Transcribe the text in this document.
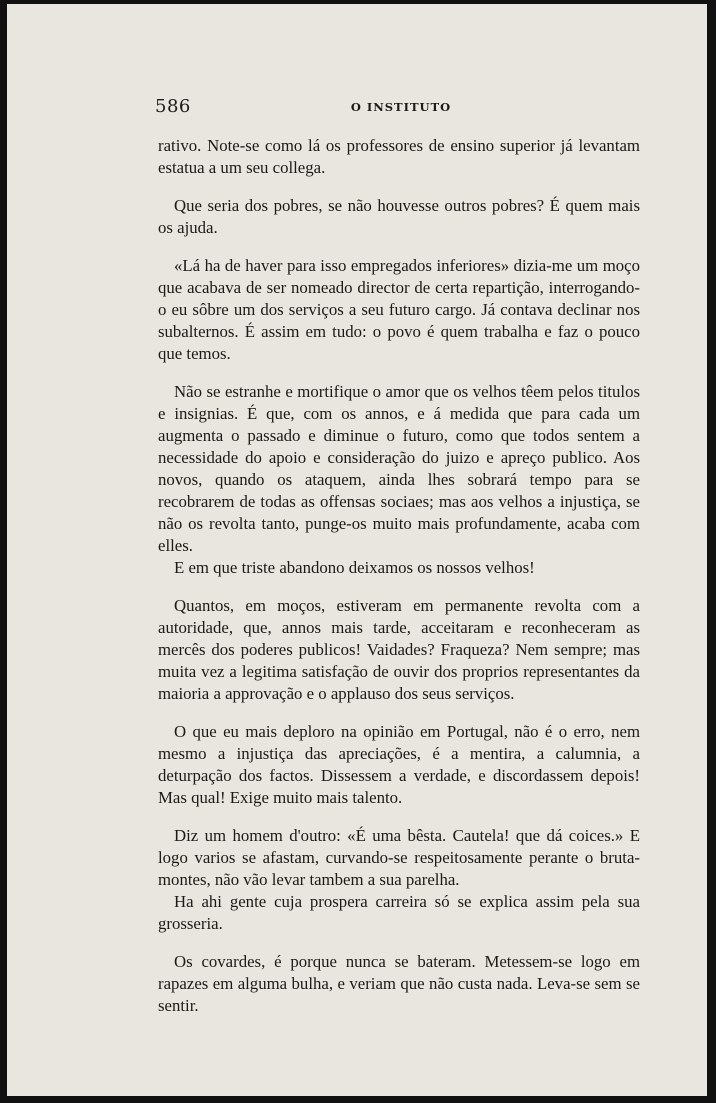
586	O INSTITUTO

rativo. Note-se como lá os professores de ensino superior já levantam estatua a um seu collega.

Que seria dos pobres, se não houvesse outros pobres? É quem mais os ajuda.

«Lá ha de haver para isso empregados inferiores» dizia-me um moço que acabava de ser nomeado director de certa repartição, interrogando-o eu sôbre um dos serviços a seu futuro cargo. Já contava declinar nos subalternos. É assim em tudo: o povo é quem trabalha e faz o pouco que temos.

Não se estranhe e mortifique o amor que os velhos têem pelos titulos e insignias. É que, com os annos, e á medida que para cada um augmenta o passado e diminue o futuro, como que todos sentem a necessidade do apoio e consideração do juizo e apreço publico. Aos novos, quando os ataquem, ainda lhes sobrará tempo para se recobrarem de todas as offensas sociaes; mas aos velhos a injustiça, se não os revolta tanto, punge-os muito mais profundamente, acaba com elles.

E em que triste abandono deixamos os nossos velhos!

Quantos, em moços, estiveram em permanente revolta com a autoridade, que, annos mais tarde, acceitaram e reconheceram as mercês dos poderes publicos! Vaidades? Fraqueza? Nem sempre; mas muita vez a legitima satisfação de ouvir dos proprios representantes da maioria a approvação e o applauso dos seus serviços.

O que eu mais deploro na opinião em Portugal, não é o erro, nem mesmo a injustiça das apreciações, é a mentira, a calumnia, a deturpação dos factos. Dissessem a verdade, e discordassem depois! Mas qual! Exige muito mais talento.

Diz um homem d'outro: «É uma bêsta. Cautela! que dá coices.» E logo varios se afastam, curvando-se respeitosamente perante o bruta-montes, não vão levar tambem a sua parelha.

Ha ahi gente cuja prospera carreira só se explica assim pela sua grosseria.

Os covardes, é porque nunca se bateram. Metessem-se logo em rapazes em alguma bulha, e veriam que não custa nada. Leva-se sem se sentir.
